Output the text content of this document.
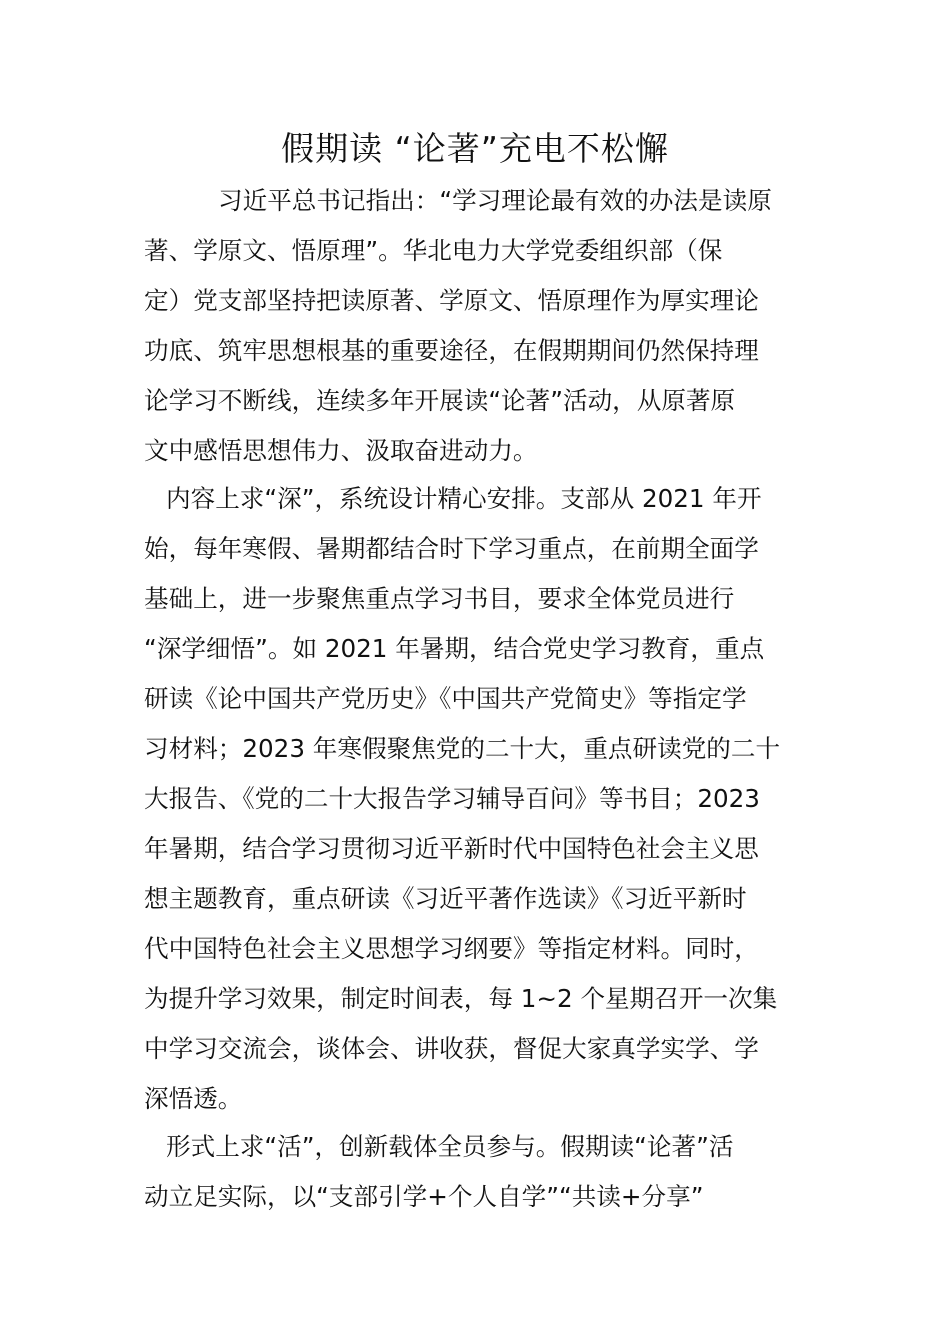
假期读 “论著”充电不松懈
习近平总书记指出：“学习理论最有效的办法是读原
著、学原文、悟原理”。华北电力大学党委组织部（保
定）党支部坚持把读原著、学原文、悟原理作为厚实理论
功底、筑牢思想根基的重要途径，在假期期间仍然保持理
论学习不断线，连续多年开展读“论著”活动，从原著原
文中感悟思想伟力、汲取奋进动力。
内容上求“深”，系统设计精心安排。支部从 2021 年开
始，每年寒假、暑期都结合时下学习重点，在前期全面学
基础上，进一步聚焦重点学习书目，要求全体党员进行
“深学细悟”。如 2021 年暑期，结合党史学习教育，重点
研读《论中国共产党历史》《中国共产党简史》等指定学
习材料；2023 年寒假聚焦党的二十大，重点研读党的二十
大报告、《党的二十大报告学习辅导百问》等书目；2023
年暑期，结合学习贯彻习近平新时代中国特色社会主义思
想主题教育，重点研读《习近平著作选读》《习近平新时
代中国特色社会主义思想学习纲要》等指定材料。同时，
为提升学习效果，制定时间表，每 1~2 个星期召开一次集
中学习交流会，谈体会、讲收获，督促大家真学实学、学
深悟透。
形式上求“活”，创新载体全员参与。假期读“论著”活
动立足实际，以“支部引学+个人自学”“共读+分享”
